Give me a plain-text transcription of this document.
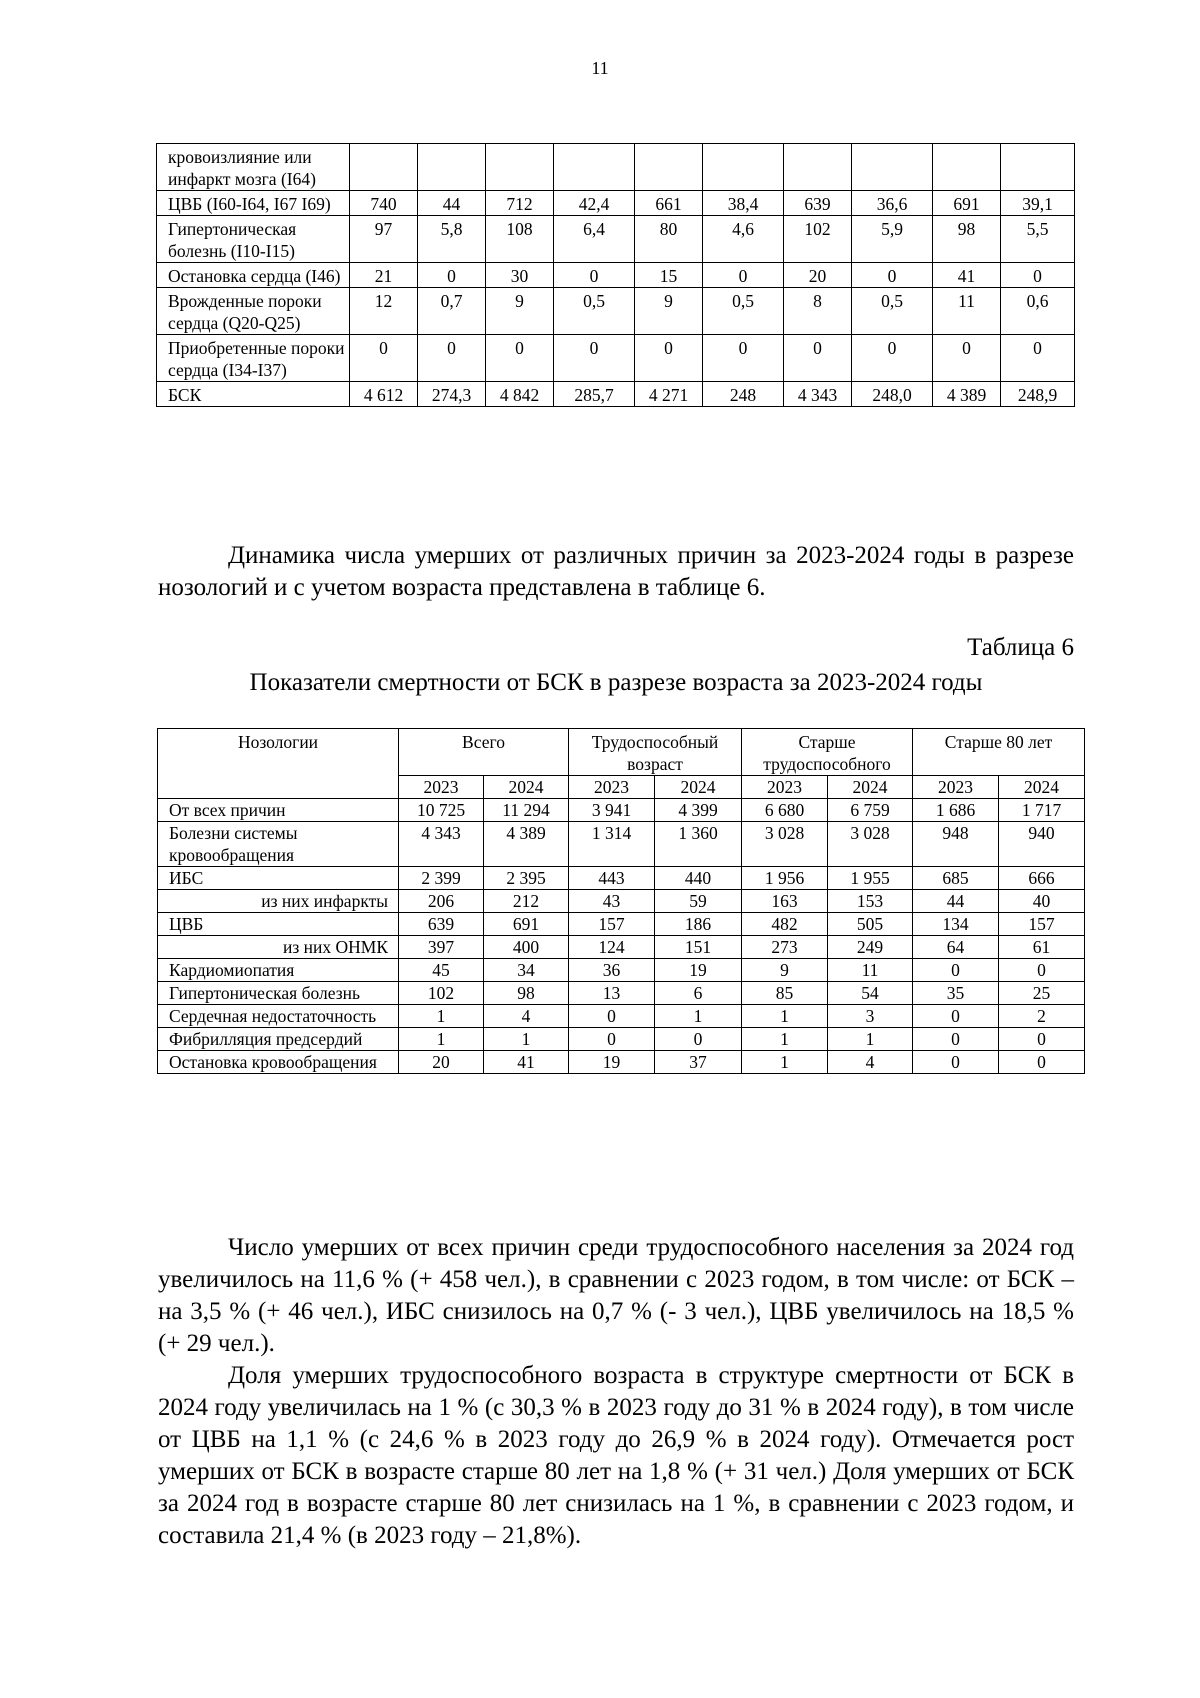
11
кровоизлияние или инфаркт мозга (I64)										
ЦВБ (I60-I64, I67 I69)	740	44	712	42,4	661	38,4	639	36,6	691	39,1
Гипертоническая болезнь (I10-I15)	97	5,8	108	6,4	80	4,6	102	5,9	98	5,5
Остановка сердца (I46)	21	0	30	0	15	0	20	0	41	0
Врожденные пороки сердца (Q20-Q25)	12	0,7	9	0,5	9	0,5	8	0,5	11	0,6
Приобретенные пороки сердца (I34-I37)	0	0	0	0	0	0	0	0	0	0
БСК	4 612	274,3	4 842	285,7	4 271	248	4 343	248,0	4 389	248,9

Динамика числа умерших от различных причин за 2023-2024 годы в разрезе нозологий и с учетом возраста представлена в таблице 6.

Таблица 6
Показатели смертности от БСК в разрезе возраста за 2023-2024 годы
Нозологии	Всего		Трудоспособный возраст		Старше трудоспособного		Старше 80 лет	
	2023	2024	2023	2024	2023	2024	2023	2024
От всех причин	10 725	11 294	3 941	4 399	6 680	6 759	1 686	1 717
Болезни системы кровообращения	4 343	4 389	1 314	1 360	3 028	3 028	948	940
ИБС	2 399	2 395	443	440	1 956	1 955	685	666
из них инфаркты	206	212	43	59	163	153	44	40
ЦВБ	639	691	157	186	482	505	134	157
из них ОНМК	397	400	124	151	273	249	64	61
Кардиомиопатия	45	34	36	19	9	11	0	0
Гипертоническая болезнь	102	98	13	6	85	54	35	25
Сердечная недостаточность	1	4	0	1	1	3	0	2
Фибрилляция предсердий	1	1	0	0	1	1	0	0
Остановка кровообращения	20	41	19	37	1	4	0	0

Число умерших от всех причин среди трудоспособного населения за 2024 год увеличилось на 11,6 % (+ 458 чел.), в сравнении с 2023 годом, в том числе: от БСК – на 3,5 % (+ 46 чел.), ИБС снизилось на 0,7 % (- 3 чел.), ЦВБ увеличилось на 18,5 % (+ 29 чел.).

Доля умерших трудоспособного возраста в структуре смертности от БСК в 2024 году увеличилась на 1 % (с 30,3 % в 2023 году до 31 % в 2024 году), в том числе от ЦВБ на 1,1 % (с 24,6 % в 2023 году до 26,9 % в 2024 году). Отмечается рост умерших от БСК в возрасте старше 80 лет на 1,8 % (+ 31 чел.) Доля умерших от БСК за 2024 год в возрасте старше 80 лет снизилась на 1 %, в сравнении с 2023 годом, и составила 21,4 % (в 2023 году – 21,8%).
